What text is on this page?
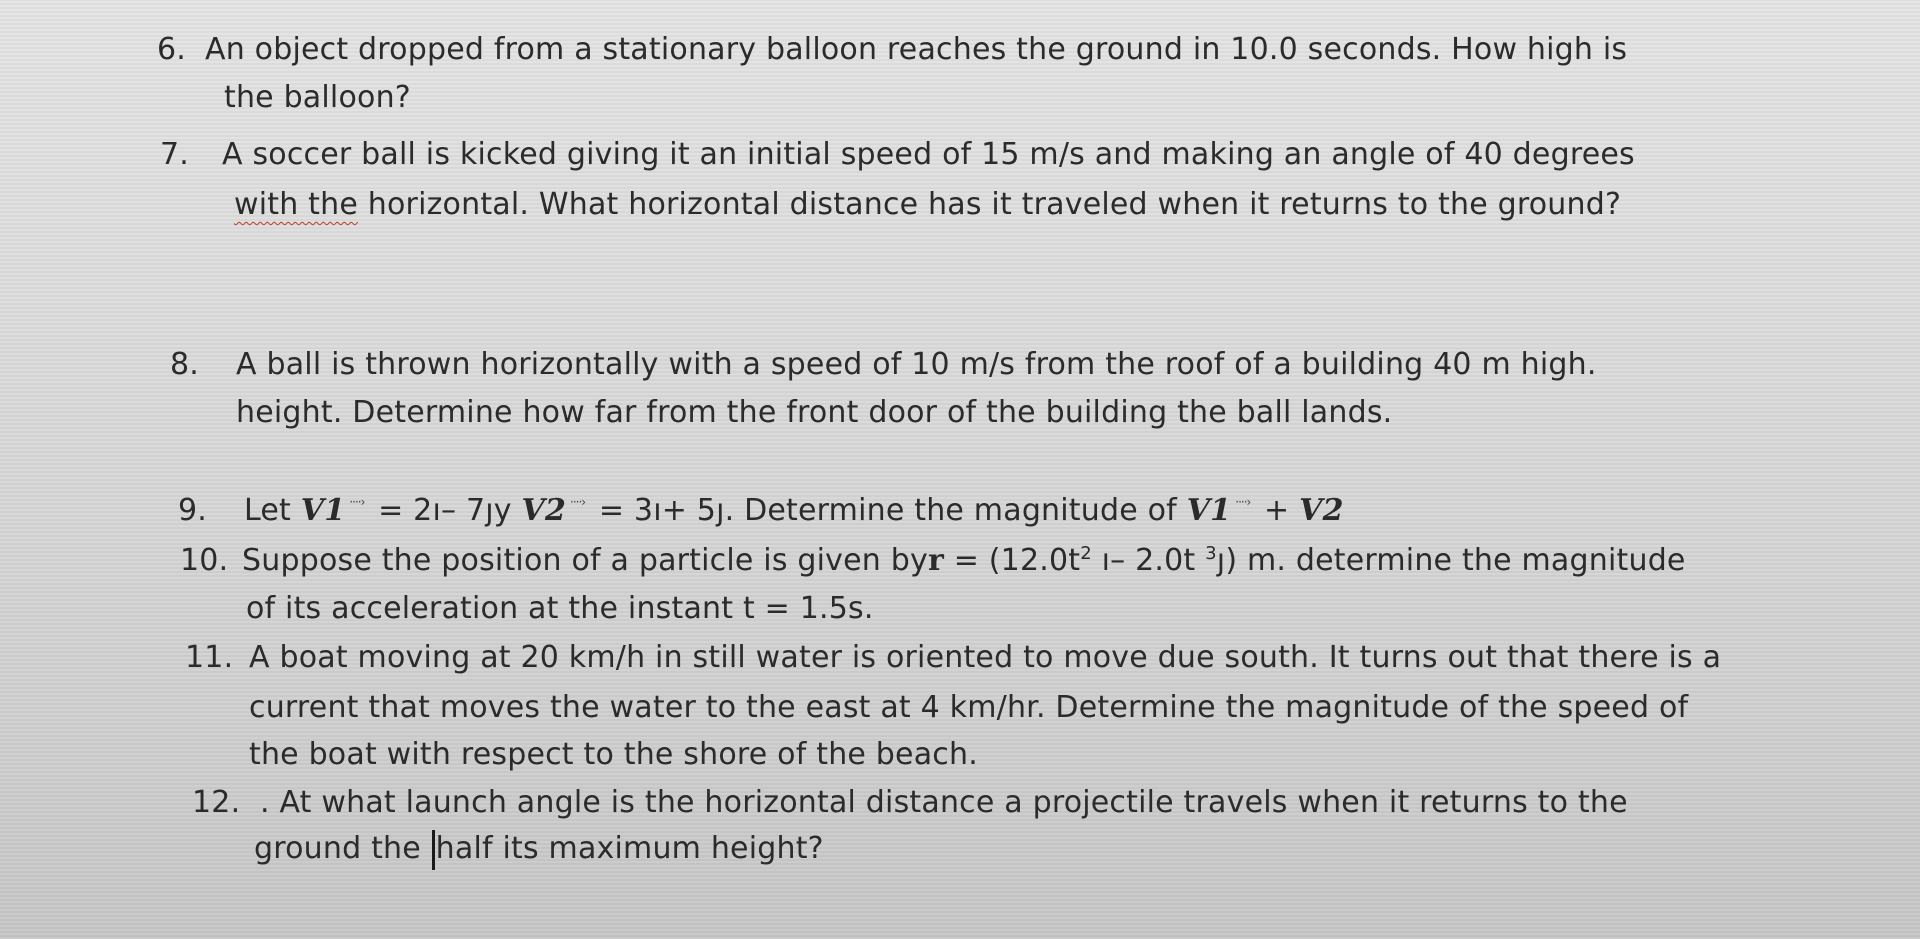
6. An object dropped from a stationary balloon reaches the ground in 10.0 seconds. How high is
the balloon?
7. A soccer ball is kicked giving it an initial speed of 15 m/s and making an angle of 40 degrees
with the horizontal. What horizontal distance has it traveled when it returns to the ground?
8. A ball is thrown horizontally with a speed of 10 m/s from the roof of a building 40 m high.
height. Determine how far from the front door of the building the ball lands.
9. Let V1 ····› = 2ı– 7ȷy V2 ····› = 3ı+ 5ȷ. Determine the magnitude of V1 ····› + V2
10. Suppose the position of a particle is given byr = ($12.0t^2$ ı– 2.0t $^3$ȷ) m. determine the magnitude
of its acceleration at the instant t = 1.5s.
11. A boat moving at 20 km/h in still water is oriented to move due south. It turns out that there is a
current that moves the water to the east at 4 km/hr. Determine the magnitude of the speed of
the boat with respect to the shore of the beach.
12. . At what launch angle is the horizontal distance a projectile travels when it returns to the
ground the half its maximum height?
